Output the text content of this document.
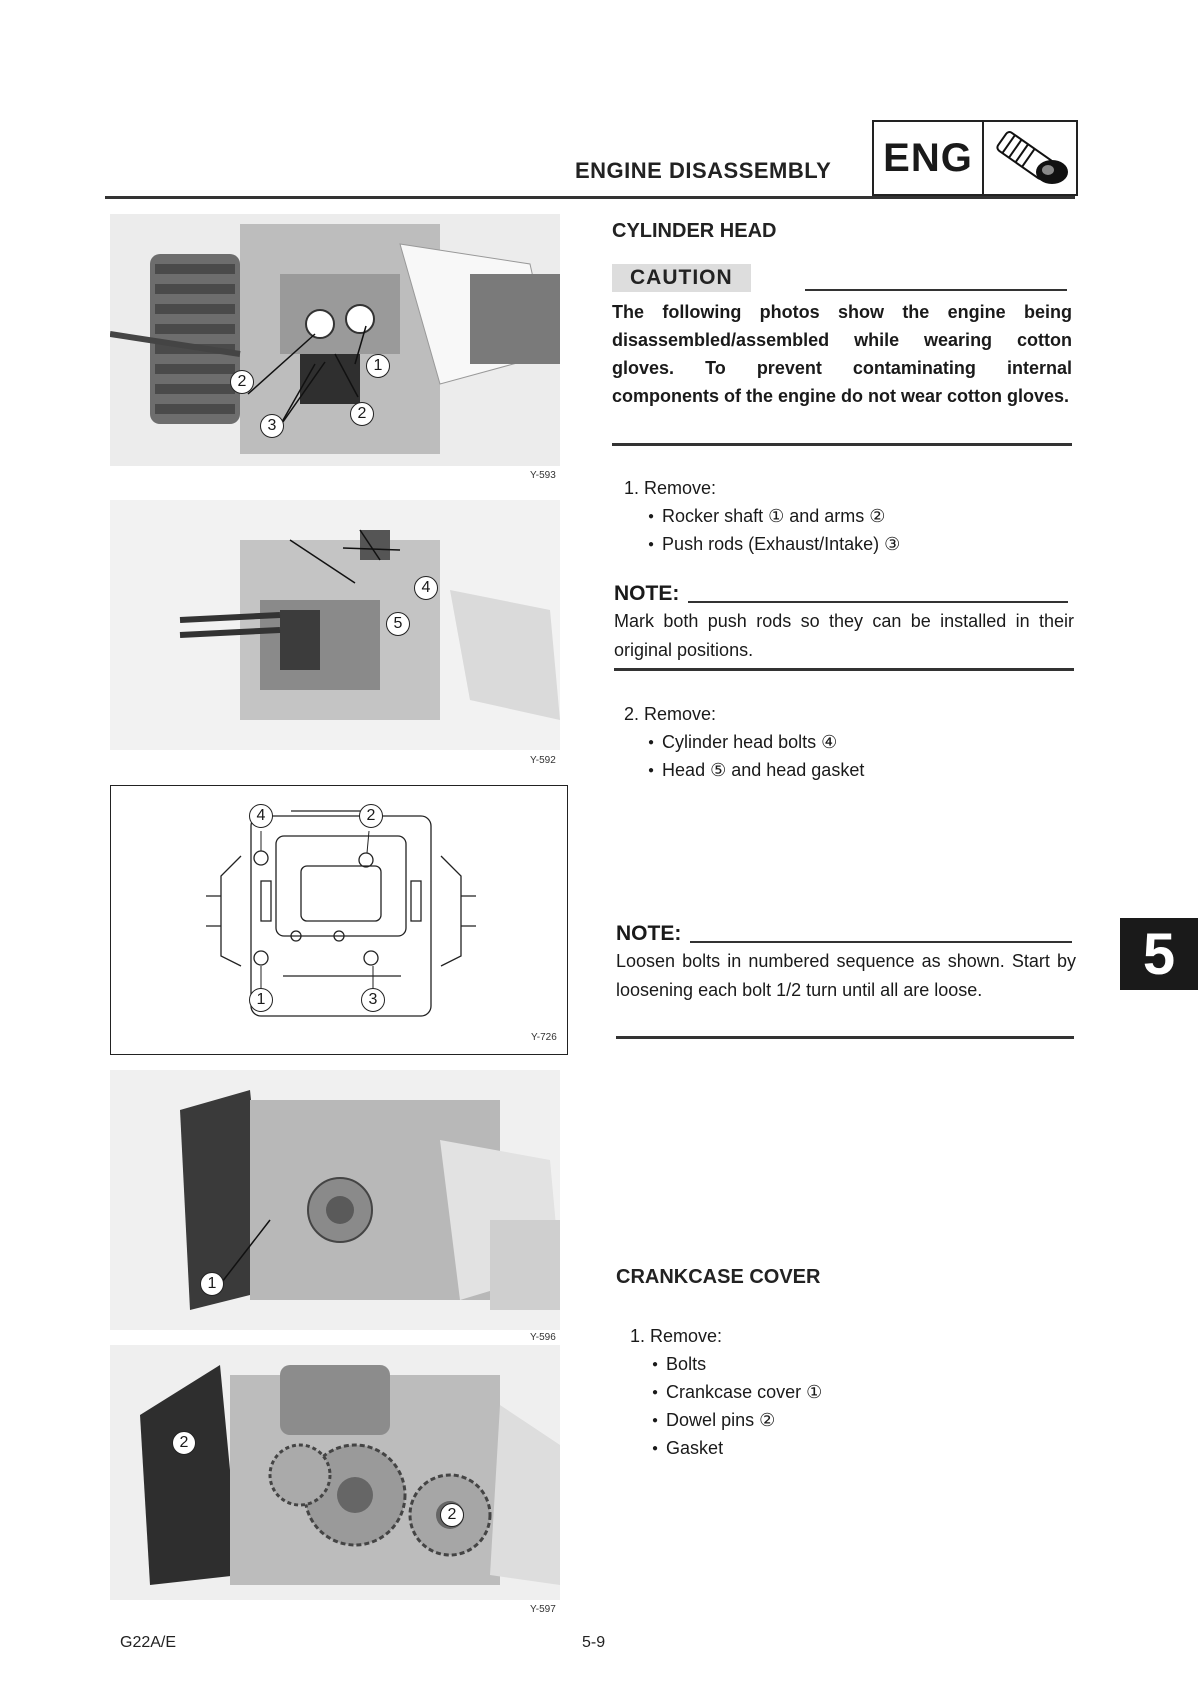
ENGINE DISASSEMBLY ENG
2
3
1
2
Y-593
4
5
Y-592
4	2
1	3
Y-726
1
Y-596
2
2
Y-597
CYLINDER HEAD
CAUTION
The following photos show the engine being disassembled/assembled while wearing cotton gloves. To prevent contaminating internal components of the engine do not wear cotton gloves.
1. Remove:
● Rocker shaft ① and arms ②
● Push rods (Exhaust/Intake) ③
NOTE:
Mark both push rods so they can be installed in their original positions.
2. Remove:
● Cylinder head bolts ④
● Head ⑤ and head gasket
NOTE:
Loosen bolts in numbered sequence as shown. Start by loosening each bolt 1/2 turn until all are loose.
CRANKCASE COVER
1. Remove:
● Bolts
● Crankcase cover ①
● Dowel pins ②
● Gasket
5
G22A/E	5-9
